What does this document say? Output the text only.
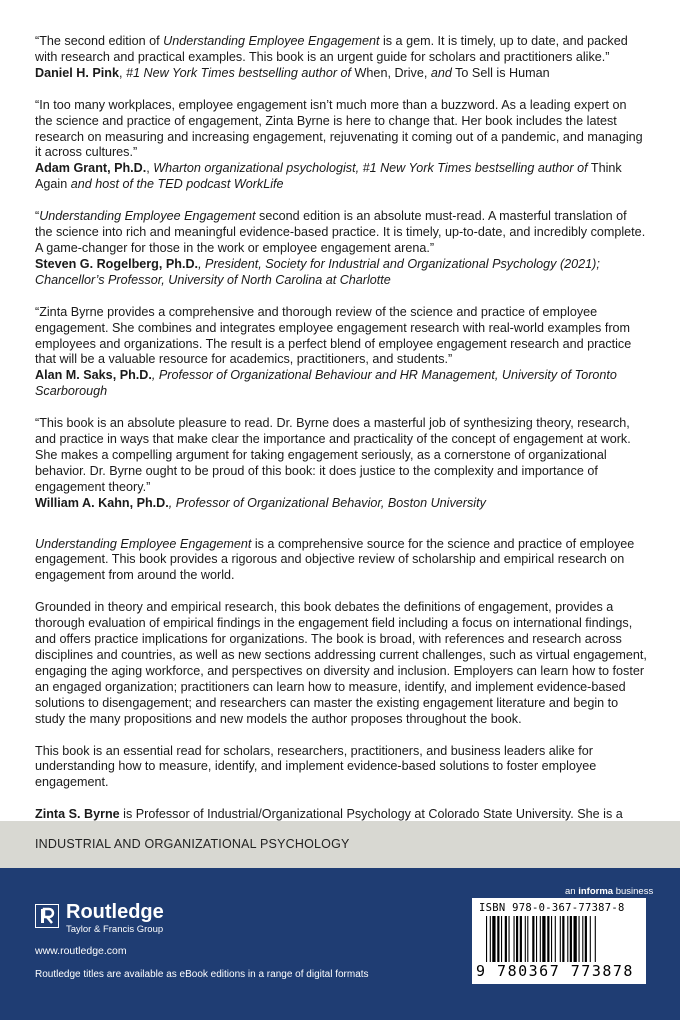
“The second edition of Understanding Employee Engagement is a gem. It is timely, up to date, and packed with research and practical examples. This book is an urgent guide for scholars and practitioners alike.”

Daniel H. Pink, #1 New York Times bestselling author of When, Drive, and To Sell is Human

“In too many workplaces, employee engagement isn’t much more than a buzzword. As a leading expert on the science and practice of engagement, Zinta Byrne is here to change that. Her book includes the latest research on measuring and increasing engagement, rejuvenating it coming out of a pandemic, and managing it across cultures.”

Adam Grant, Ph.D., Wharton organizational psychologist, #1 New York Times bestselling author of Think Again and host of the TED podcast WorkLife

“Understanding Employee Engagement second edition is an absolute must-read. A masterful translation of the science into rich and meaningful evidence-based practice. It is timely, up-to-date, and incredibly complete. A game-changer for those in the work or employee engagement arena.”

Steven G. Rogelberg, Ph.D., President, Society for Industrial and Organizational Psychology (2021); Chancellor’s Professor, University of North Carolina at Charlotte

“Zinta Byrne provides a comprehensive and thorough review of the science and practice of employee engagement. She combines and integrates employee engagement research with real-world examples from employees and organizations. The result is a perfect blend of employee engagement research and practice that will be a valuable resource for academics, practitioners, and students.”

Alan M. Saks, Ph.D., Professor of Organizational Behaviour and HR Management, University of Toronto Scarborough

“This book is an absolute pleasure to read. Dr. Byrne does a masterful job of synthesizing theory, research, and practice in ways that make clear the importance and practicality of the concept of engagement at work. She makes a compelling argument for taking engagement seriously, as a cornerstone of organizational behavior. Dr. Byrne ought to be proud of this book: it does justice to the complexity and importance of engagement theory.”

William A. Kahn, Ph.D., Professor of Organizational Behavior, Boston University

Understanding Employee Engagement is a comprehensive source for the science and practice of employee engagement. This book provides a rigorous and objective review of scholarship and empirical research on engagement from around the world.

Grounded in theory and empirical research, this book debates the definitions of engagement, provides a thorough evaluation of empirical findings in the engagement field including a focus on international findings, and offers practice implications for organizations. The book is broad, with references and research across disciplines and countries, as well as new sections addressing current challenges, such as virtual engagement, engaging the aging workforce, and perspectives on diversity and inclusion. Employers can learn how to foster an engaged organization; practitioners can learn how to measure, identify, and implement evidence-based solutions to disengagement; and researchers can master the existing engagement literature and begin to study the many propositions and new models the author proposes throughout the book.

This book is an essential read for scholars, researchers, practitioners, and business leaders alike for understanding how to measure, identify, and implement evidence-based solutions to foster employee engagement.

Zinta S. Byrne is Professor of Industrial/Organizational Psychology at Colorado State University. She is a

INDUSTRIAL AND ORGANIZATIONAL PSYCHOLOGY
an informa business
Routledge
Taylor & Francis Group
www.routledge.com
Routledge titles are available as eBook editions in a range of digital formats
ISBN 978-0-367-77387-8
9 780367 773878
